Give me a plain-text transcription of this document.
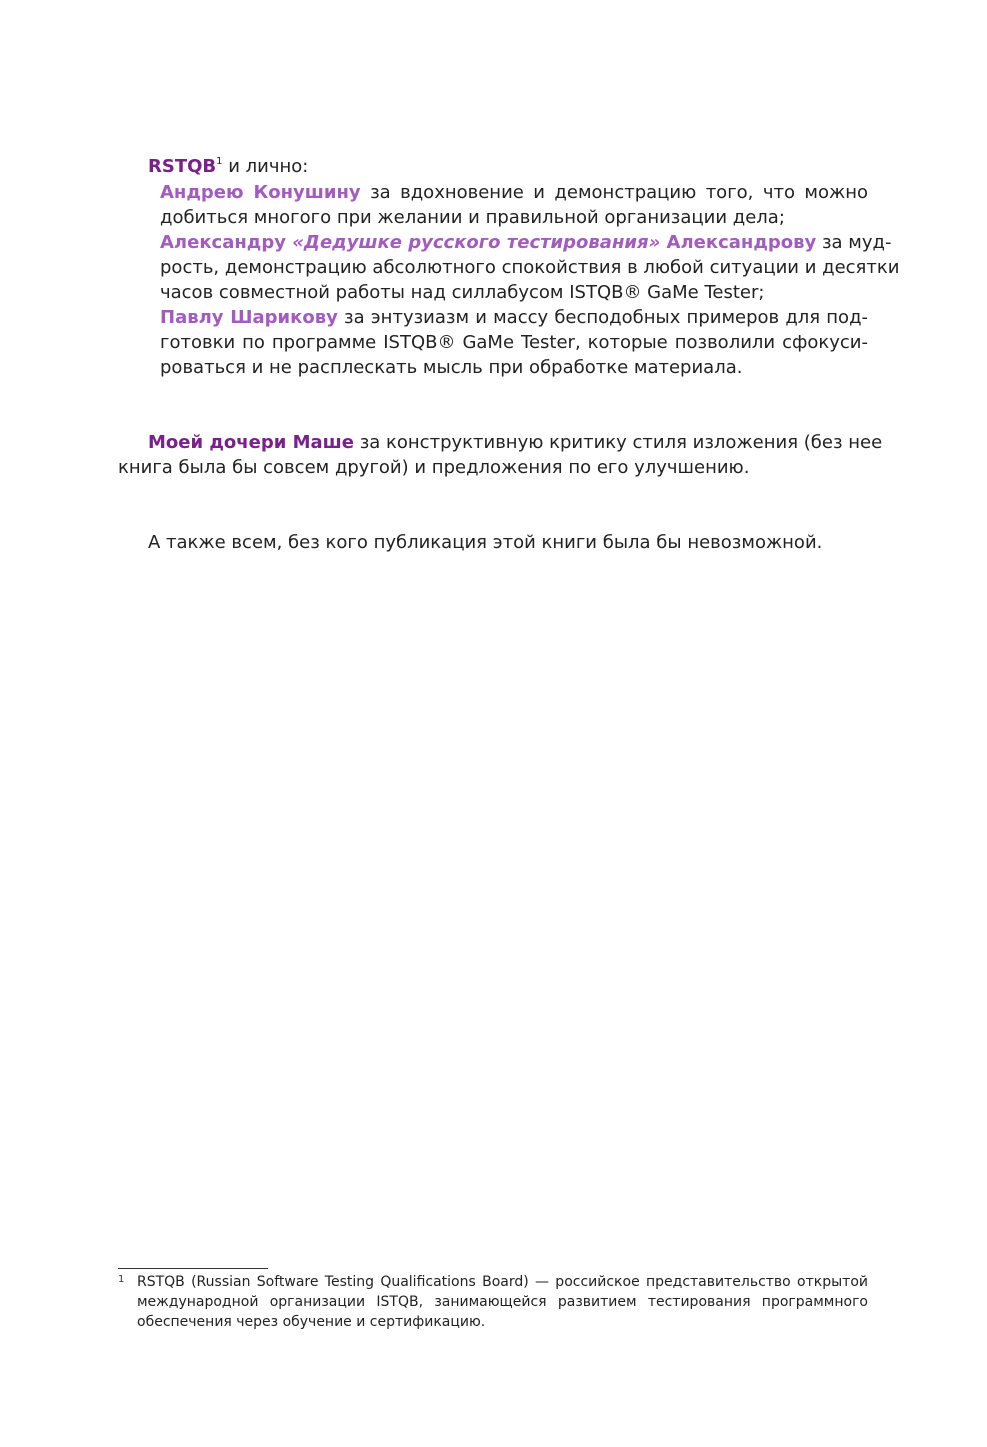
RSTQB$^1$ и лично:
Андрею Конушину за вдохновение и демонстрацию того, что можно
добиться многого при желании и правильной организации дела;
Александру «Дедушке русского тестирования» Александрову за муд-
рость, демонстрацию абсолютного спокойствия в любой ситуации и десятки
часов совместной работы над силлабусом ISTQB® GaMe Tester;
Павлу Шарикову за энтузиазм и массу бесподобных примеров для под-
готовки по программе ISTQB® GaMe Tester, которые позволили сфокуси-
роваться и не расплескать мысль при обработке материала.
Моей дочери Маше за конструктивную критику стиля изложения (без нее
книга была бы совсем другой) и предложения по его улучшению.
А также всем, без кого публикация этой книги была бы невозможной.
1 RSTQB (Russian Software Testing Qualifications Board) — российское представительство открытой
международной организации ISTQB, занимающейся развитием тестирования программного
обеспечения через обучение и сертификацию.
